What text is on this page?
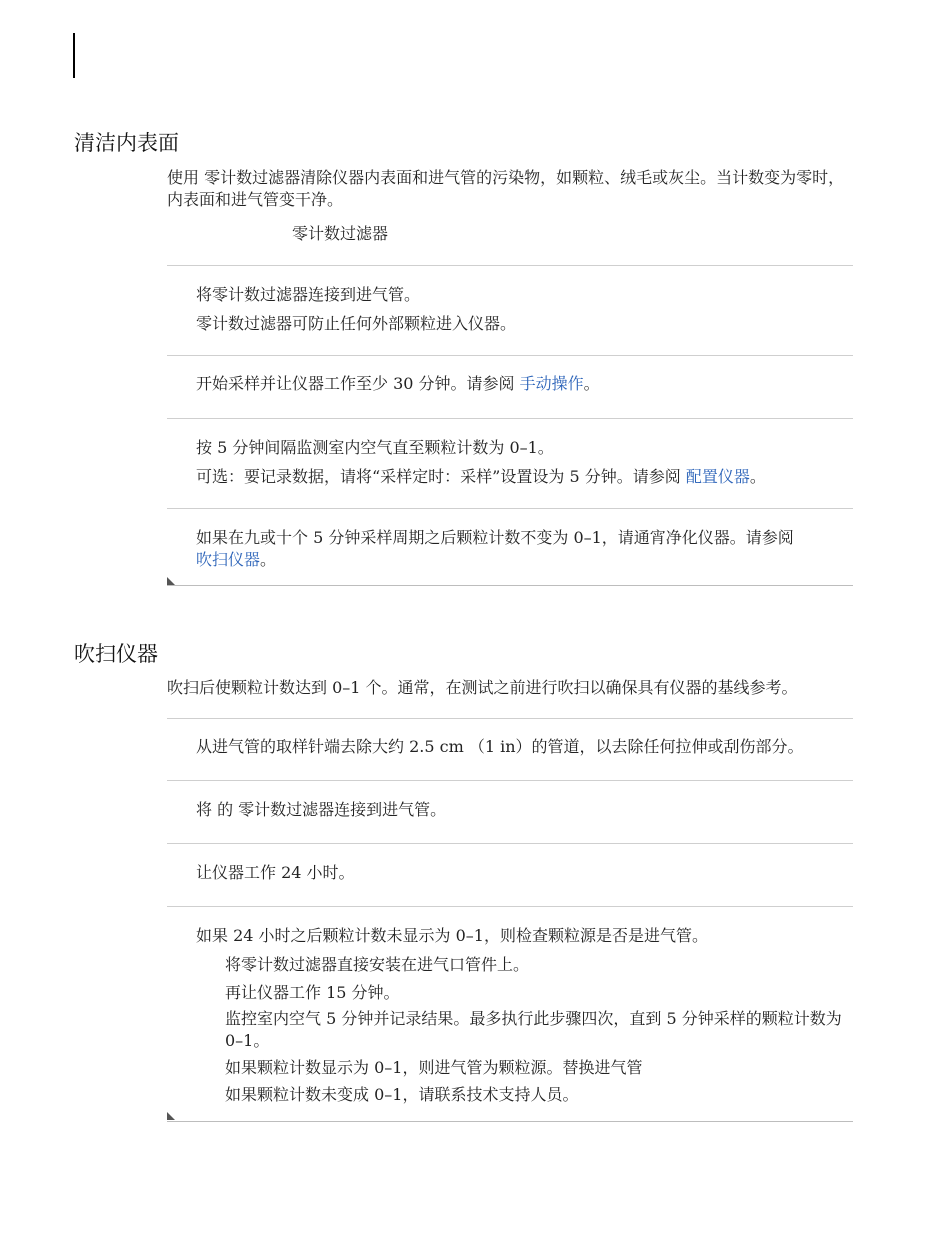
清洁内表面

使用 零计数过滤器清除仪器内表面和进气管的污染物，如颗粒、绒毛或灰尘。当计数变为零时，内表面和进气管变干净。

零计数过滤器

将零计数过滤器连接到进气管。

零计数过滤器可防止任何外部颗粒进入仪器。

开始采样并让仪器工作至少 30 分钟。请参阅 手动操作。

按 5 分钟间隔监测室内空气直至颗粒计数为 0–1。

可选：要记录数据，请将“采样定时：采样”设置设为 5 分钟。请参阅 配置仪器。

如果在九或十个 5 分钟采样周期之后颗粒计数不变为 0–1，请通宵净化仪器。请参阅
吹扫仪器。

吹扫仪器

吹扫后使颗粒计数达到 0–1 个。通常，在测试之前进行吹扫以确保具有仪器的基线参考。

从进气管的取样针端去除大约 2.5 cm （1 in）的管道，以去除任何拉伸或刮伤部分。

将 的 零计数过滤器连接到进气管。

让仪器工作 24 小时。

如果 24 小时之后颗粒计数未显示为 0–1，则检查颗粒源是否是进气管。

将零计数过滤器直接安装在进气口管件上。

再让仪器工作 15 分钟。

监控室内空气 5 分钟并记录结果。最多执行此步骤四次，直到 5 分钟采样的颗粒计数为 0–1。

如果颗粒计数显示为 0–1，则进气管为颗粒源。替换进气管

如果颗粒计数未变成 0–1，请联系技术支持人员。
